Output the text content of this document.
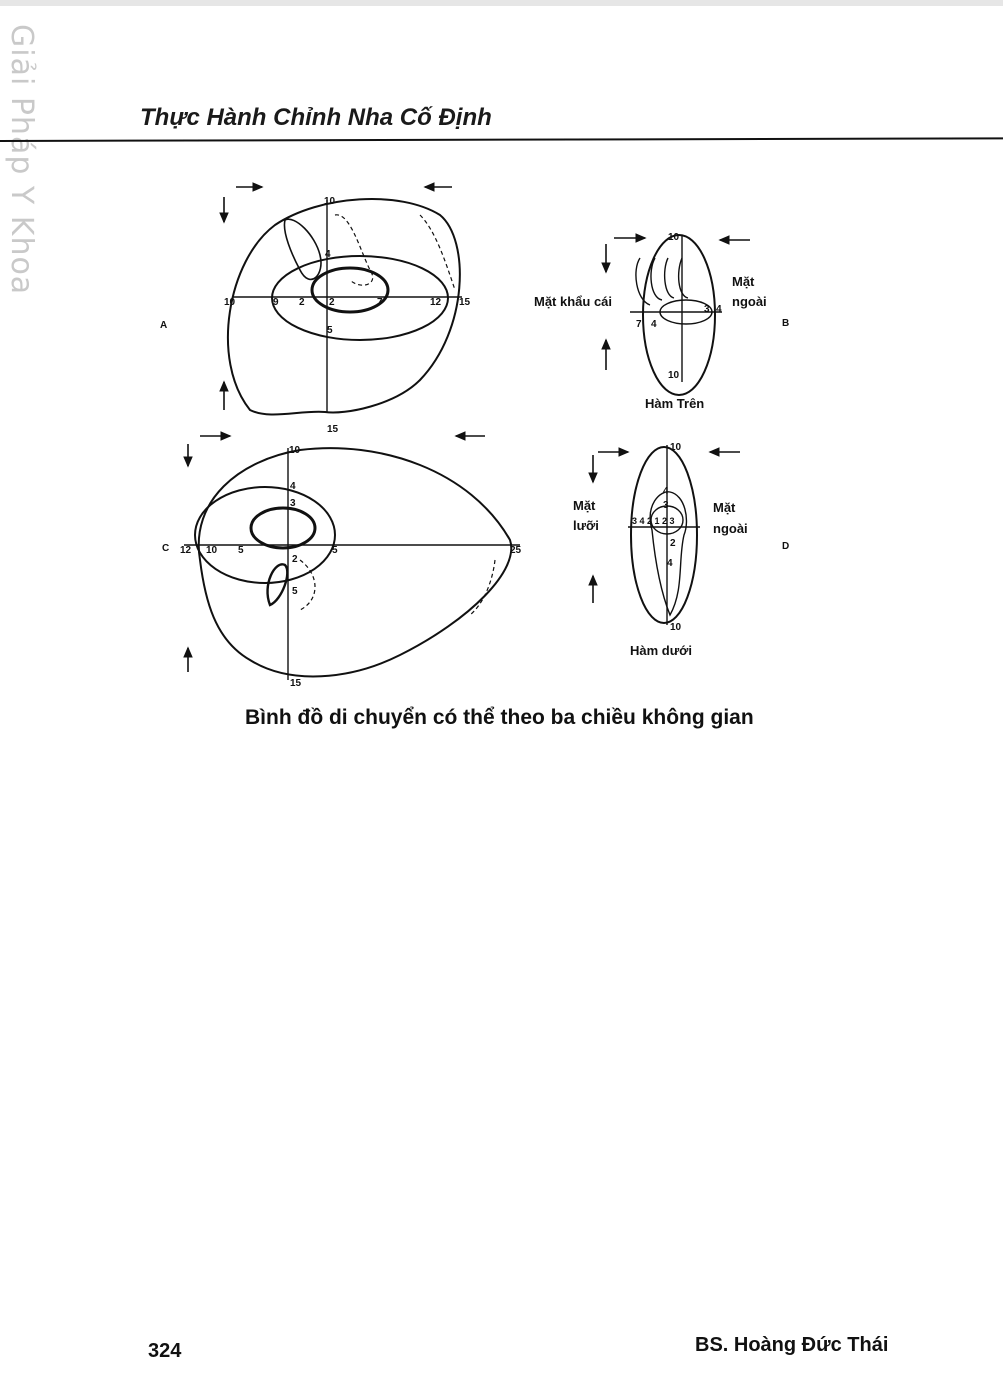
Giải Pháp Y Khoa	Thực Hành Chỉnh Nha Cố Định
A
10
10	9 2 2
4
7	12 15
5
15
B
10
10
7 4
4
3
Mặt khẩu cái
Mặt
ngoài
Hàm Trên
C
10
12 10 5
4
3
5	25
2
5
15
D
10
10
4
3
2
3 4 2 1 2 3
4
Mặt
lưỡi
Mặt
ngoài
Hàm dưới
Bình đồ di chuyển có thể theo ba chiều không gian
324	BS. Hoàng Đức Thái
